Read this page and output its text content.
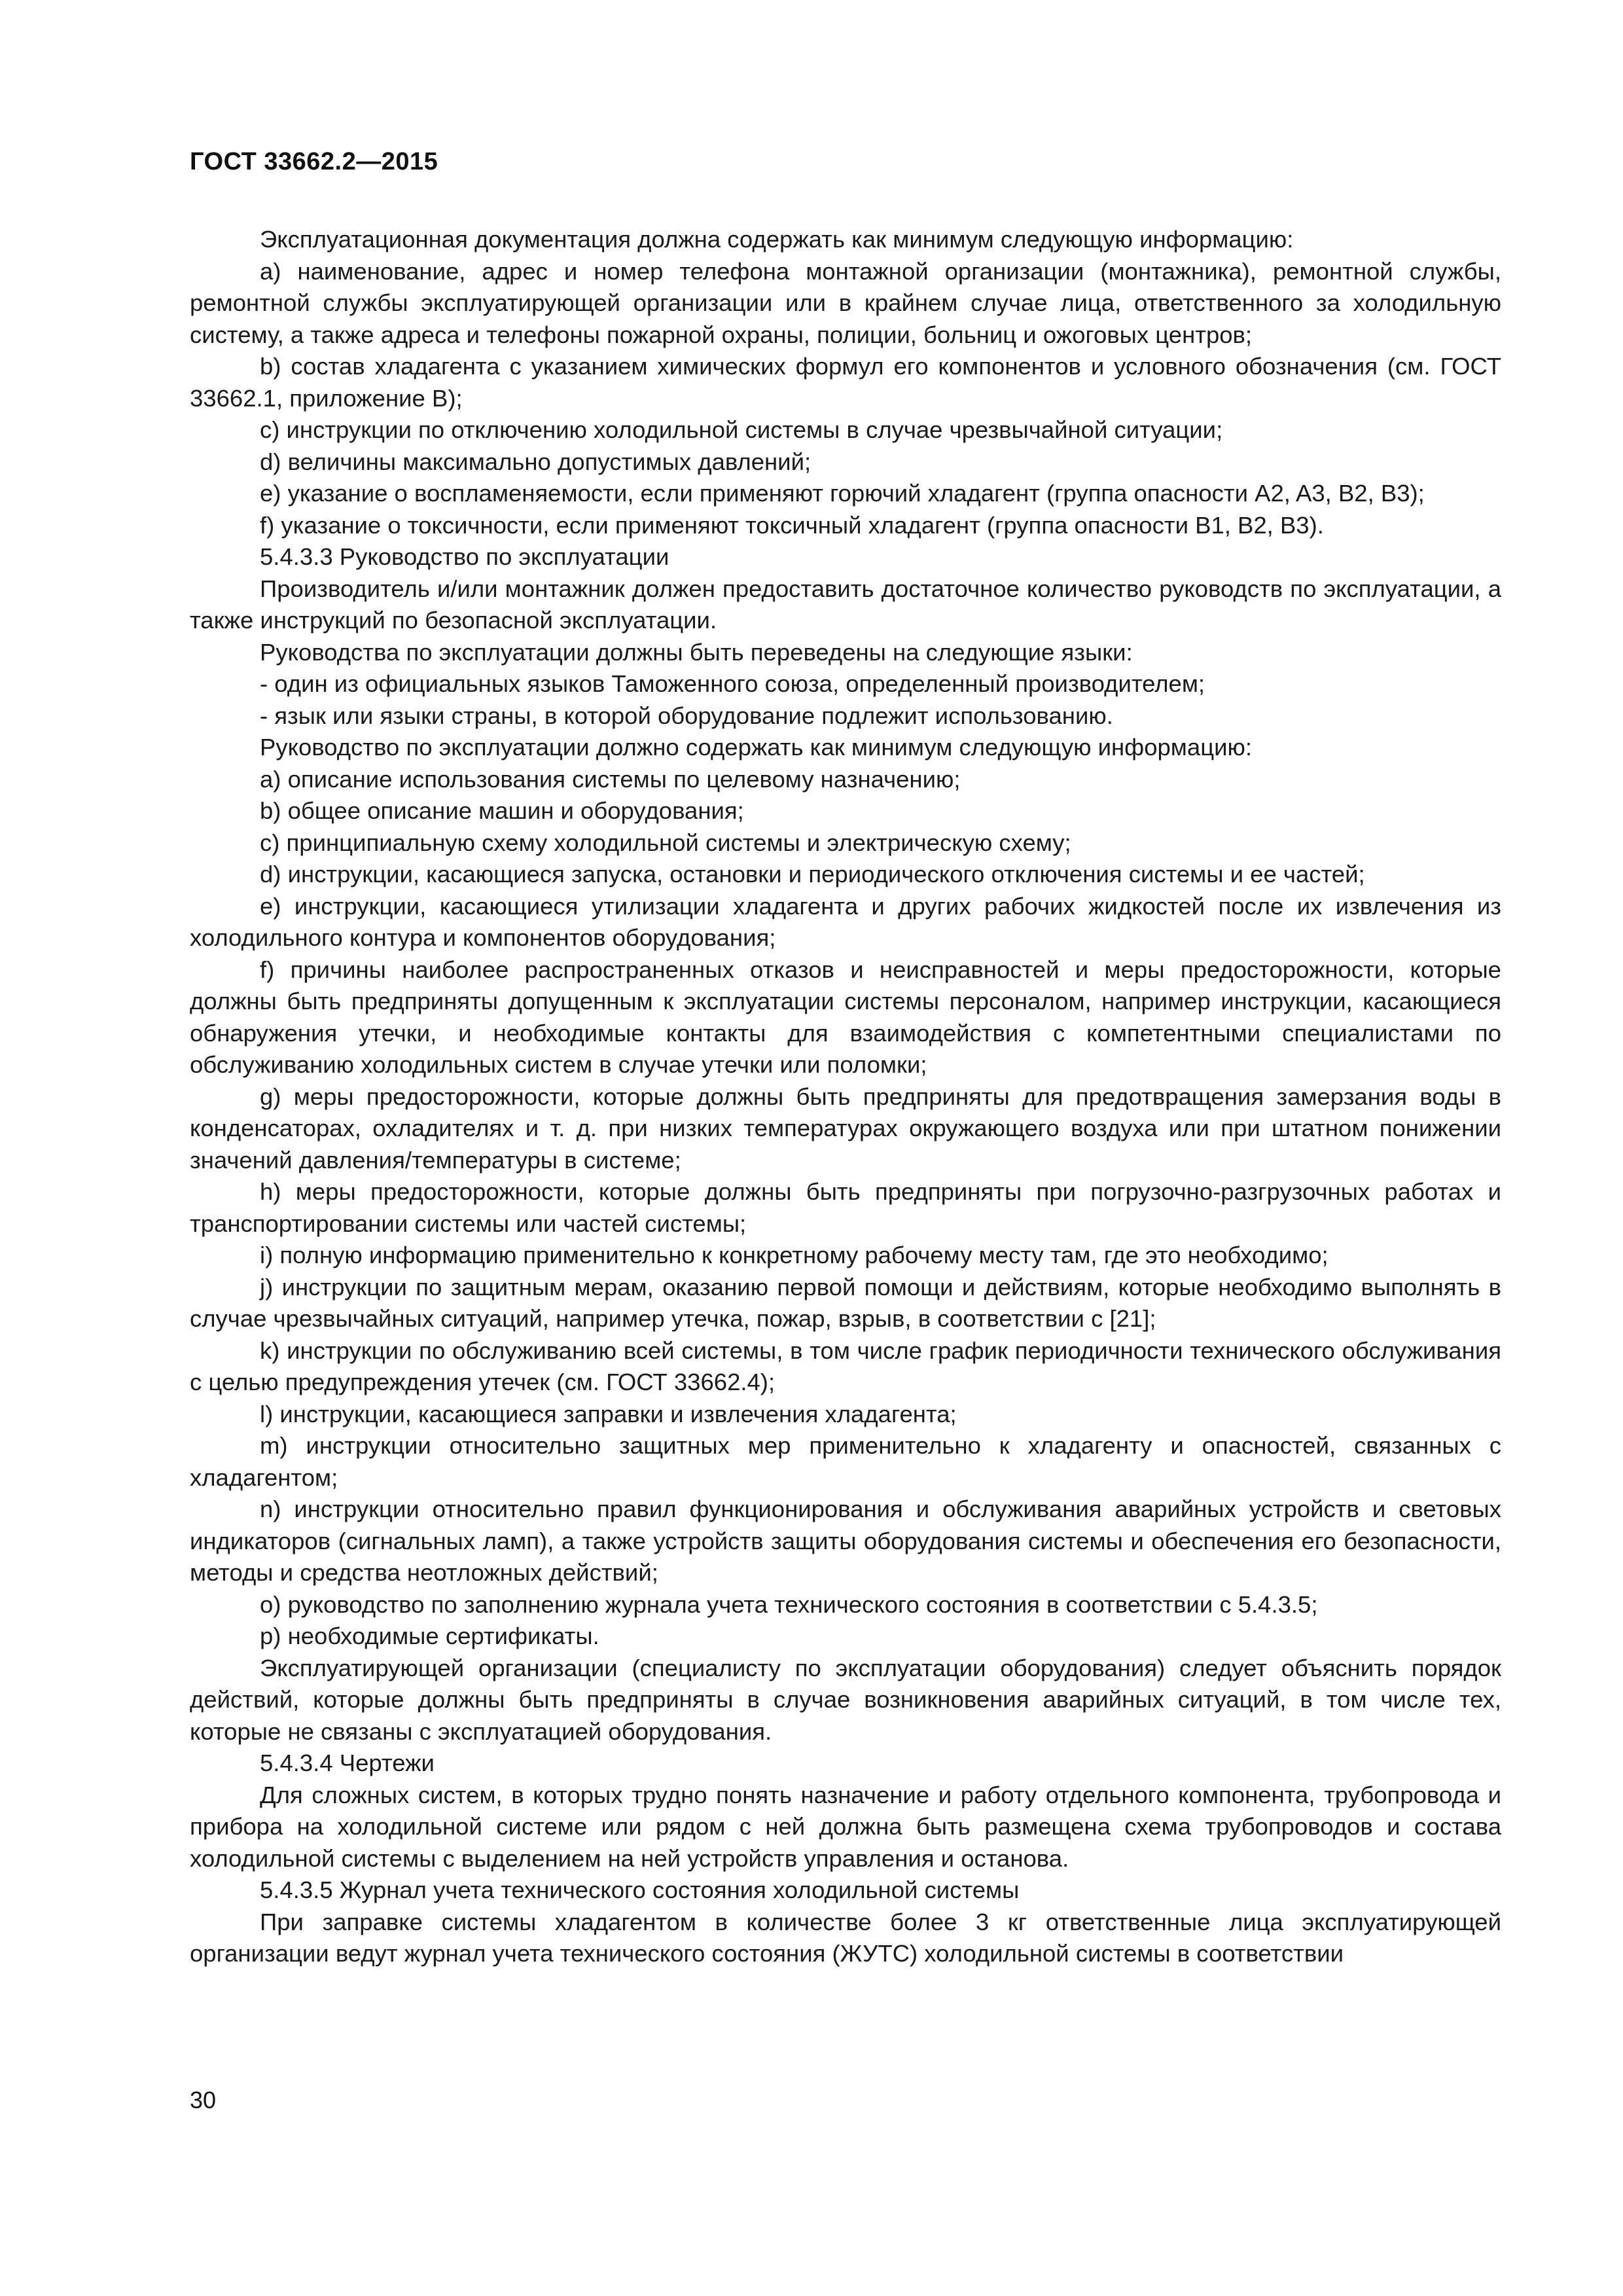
ГОСТ 33662.2—2015

Эксплуатационная документация должна содержать как минимум следующую информацию:

a) наименование, адрес и номер телефона монтажной организации (монтажника), ремонтной службы, ремонтной службы эксплуатирующей организации или в крайнем случае лица, ответственного за холодильную систему, а также адреса и телефоны пожарной охраны, полиции, больниц и ожоговых центров;

b) состав хладагента с указанием химических формул его компонентов и условного обозначения (см. ГОСТ 33662.1, приложение B);

c) инструкции по отключению холодильной системы в случае чрезвычайной ситуации;

d) величины максимально допустимых давлений;

e) указание о воспламеняемости, если применяют горючий хладагент (группа опасности A2, A3, B2, B3);

f) указание о токсичности, если применяют токсичный хладагент (группа опасности B1, B2, B3).

5.4.3.3 Руководство по эксплуатации

Производитель и/или монтажник должен предоставить достаточное количество руководств по эксплуатации, а также инструкций по безопасной эксплуатации.

Руководства по эксплуатации должны быть переведены на следующие языки:

- один из официальных языков Таможенного союза, определенный производителем;

- язык или языки страны, в которой оборудование подлежит использованию.

Руководство по эксплуатации должно содержать как минимум следующую информацию:

a) описание использования системы по целевому назначению;

b) общее описание машин и оборудования;

c) принципиальную схему холодильной системы и электрическую схему;

d) инструкции, касающиеся запуска, остановки и периодического отключения системы и ее частей;

e) инструкции, касающиеся утилизации хладагента и других рабочих жидкостей после их извлечения из холодильного контура и компонентов оборудования;

f) причины наиболее распространенных отказов и неисправностей и меры предосторожности, которые должны быть предприняты допущенным к эксплуатации системы персоналом, например инструкции, касающиеся обнаружения утечки, и необходимые контакты для взаимодействия с компетентными специалистами по обслуживанию холодильных систем в случае утечки или поломки;

g) меры предосторожности, которые должны быть предприняты для предотвращения замерзания воды в конденсаторах, охладителях и т. д. при низких температурах окружающего воздуха или при штатном понижении значений давления/температуры в системе;

h) меры предосторожности, которые должны быть предприняты при погрузочно-разгрузочных работах и транспортировании системы или частей системы;

i) полную информацию применительно к конкретному рабочему месту там, где это необходимо;

j) инструкции по защитным мерам, оказанию первой помощи и действиям, которые необходимо выполнять в случае чрезвычайных ситуаций, например утечка, пожар, взрыв, в соответствии с [21];

k) инструкции по обслуживанию всей системы, в том числе график периодичности технического обслуживания с целью предупреждения утечек (см. ГОСТ 33662.4);

l) инструкции, касающиеся заправки и извлечения хладагента;

m) инструкции относительно защитных мер применительно к хладагенту и опасностей, связанных с хладагентом;

n) инструкции относительно правил функционирования и обслуживания аварийных устройств и световых индикаторов (сигнальных ламп), а также устройств защиты оборудования системы и обеспечения его безопасности, методы и средства неотложных действий;

o) руководство по заполнению журнала учета технического состояния в соответствии с 5.4.3.5;

p) необходимые сертификаты.

Эксплуатирующей организации (специалисту по эксплуатации оборудования) следует объяснить порядок действий, которые должны быть предприняты в случае возникновения аварийных ситуаций, в том числе тех, которые не связаны с эксплуатацией оборудования.

5.4.3.4 Чертежи

Для сложных систем, в которых трудно понять назначение и работу отдельного компонента, трубопровода и прибора на холодильной системе или рядом с ней должна быть размещена схема трубопроводов и состава холодильной системы с выделением на ней устройств управления и останова.

5.4.3.5 Журнал учета технического состояния холодильной системы

При заправке системы хладагентом в количестве более 3 кг ответственные лица эксплуатирующей организации ведут журнал учета технического состояния (ЖУТС) холодильной системы в соответствии

30
